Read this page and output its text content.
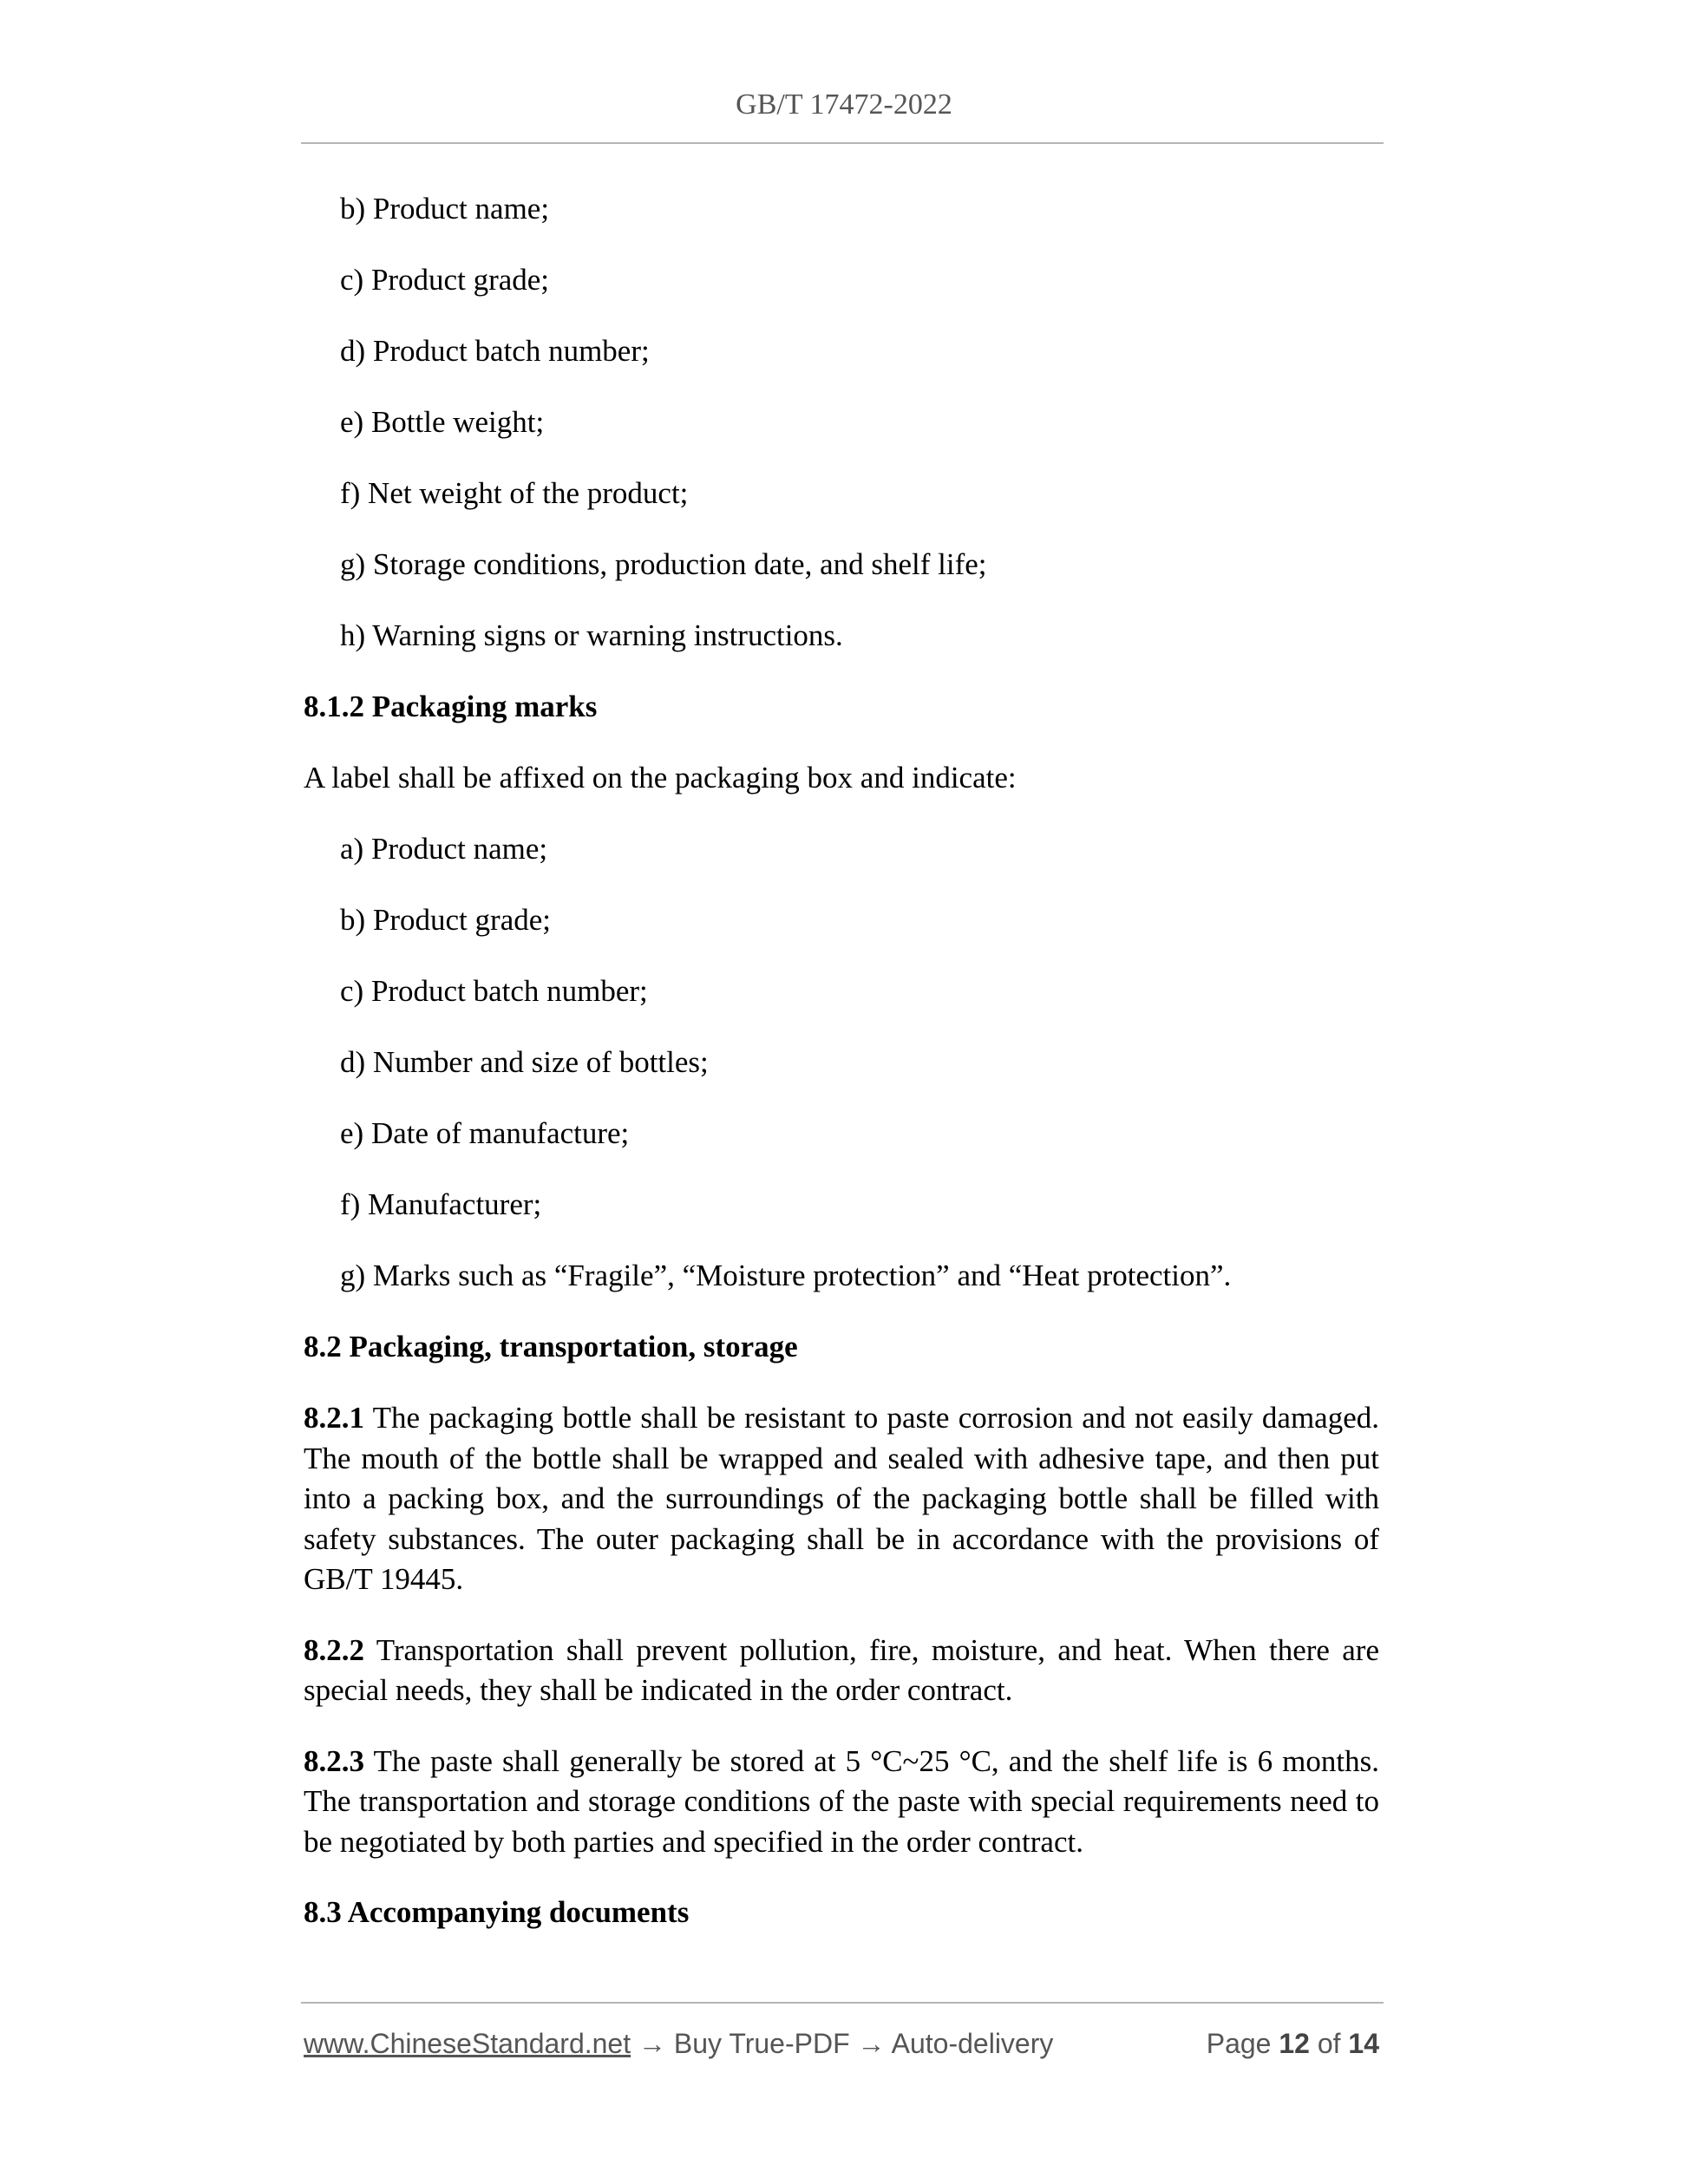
GB/T 17472-2022
b) Product name;
c) Product grade;
d) Product batch number;
e) Bottle weight;
f) Net weight of the product;
g) Storage conditions, production date, and shelf life;
h) Warning signs or warning instructions.
8.1.2 Packaging marks
A label shall be affixed on the packaging box and indicate:
a) Product name;
b) Product grade;
c) Product batch number;
d) Number and size of bottles;
e) Date of manufacture;
f) Manufacturer;
g) Marks such as “Fragile”, “Moisture protection” and “Heat protection”.
8.2 Packaging, transportation, storage
8.2.1 The packaging bottle shall be resistant to paste corrosion and not easily damaged. The mouth of the bottle shall be wrapped and sealed with adhesive tape, and then put into a packing box, and the surroundings of the packaging bottle shall be filled with safety substances. The outer packaging shall be in accordance with the provisions of GB/T 19445.
8.2.2 Transportation shall prevent pollution, fire, moisture, and heat. When there are special needs, they shall be indicated in the order contract.
8.2.3 The paste shall generally be stored at 5 °C~25 °C, and the shelf life is 6 months. The transportation and storage conditions of the paste with special requirements need to be negotiated by both parties and specified in the order contract.
8.3 Accompanying documents
www.ChineseStandard.net → Buy True-PDF → Auto-delivery	Page 12 of 14
